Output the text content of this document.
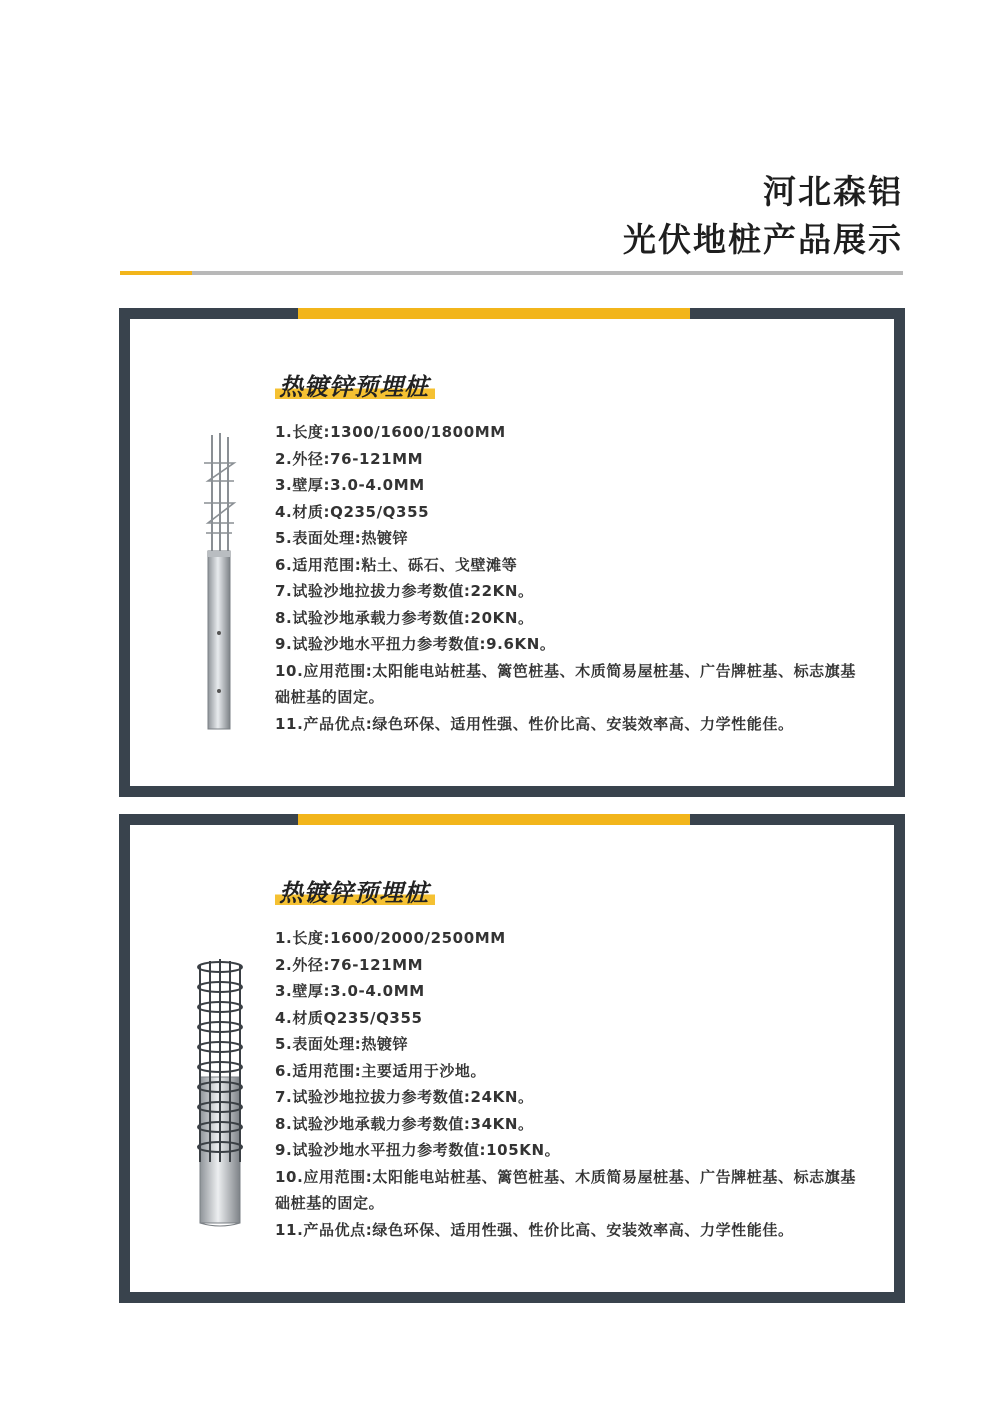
河北森铝
光伏地桩产品展示
热镀锌预埋桩
1.长度:1300/1600/1800MM
2.外径:76-121MM
3.壁厚:3.0-4.0MM
4.材质:Q235/Q355
5.表面处理:热镀锌
6.适用范围:粘土、砾石、戈壁滩等
7.试验沙地拉拔力参考数值:22KN。
8.试验沙地承载力参考数值:20KN。
9.试验沙地水平扭力参考数值:9.6KN。
10.应用范围:太阳能电站桩基、篱笆桩基、木质简易屋桩基、广告牌桩基、标志旗基础桩基的固定。
11.产品优点:绿色环保、适用性强、性价比高、安装效率高、力学性能佳。
热镀锌预埋桩
1.长度:1600/2000/2500MM
2.外径:76-121MM
3.壁厚:3.0-4.0MM
4.材质Q235/Q355
5.表面处理:热镀锌
6.适用范围:主要适用于沙地。
7.试验沙地拉拔力参考数值:24KN。
8.试验沙地承载力参考数值:34KN。
9.试验沙地水平扭力参考数值:105KN。
10.应用范围:太阳能电站桩基、篱笆桩基、木质简易屋桩基、广告牌桩基、标志旗基础桩基的固定。
11.产品优点:绿色环保、适用性强、性价比高、安装效率高、力学性能佳。
